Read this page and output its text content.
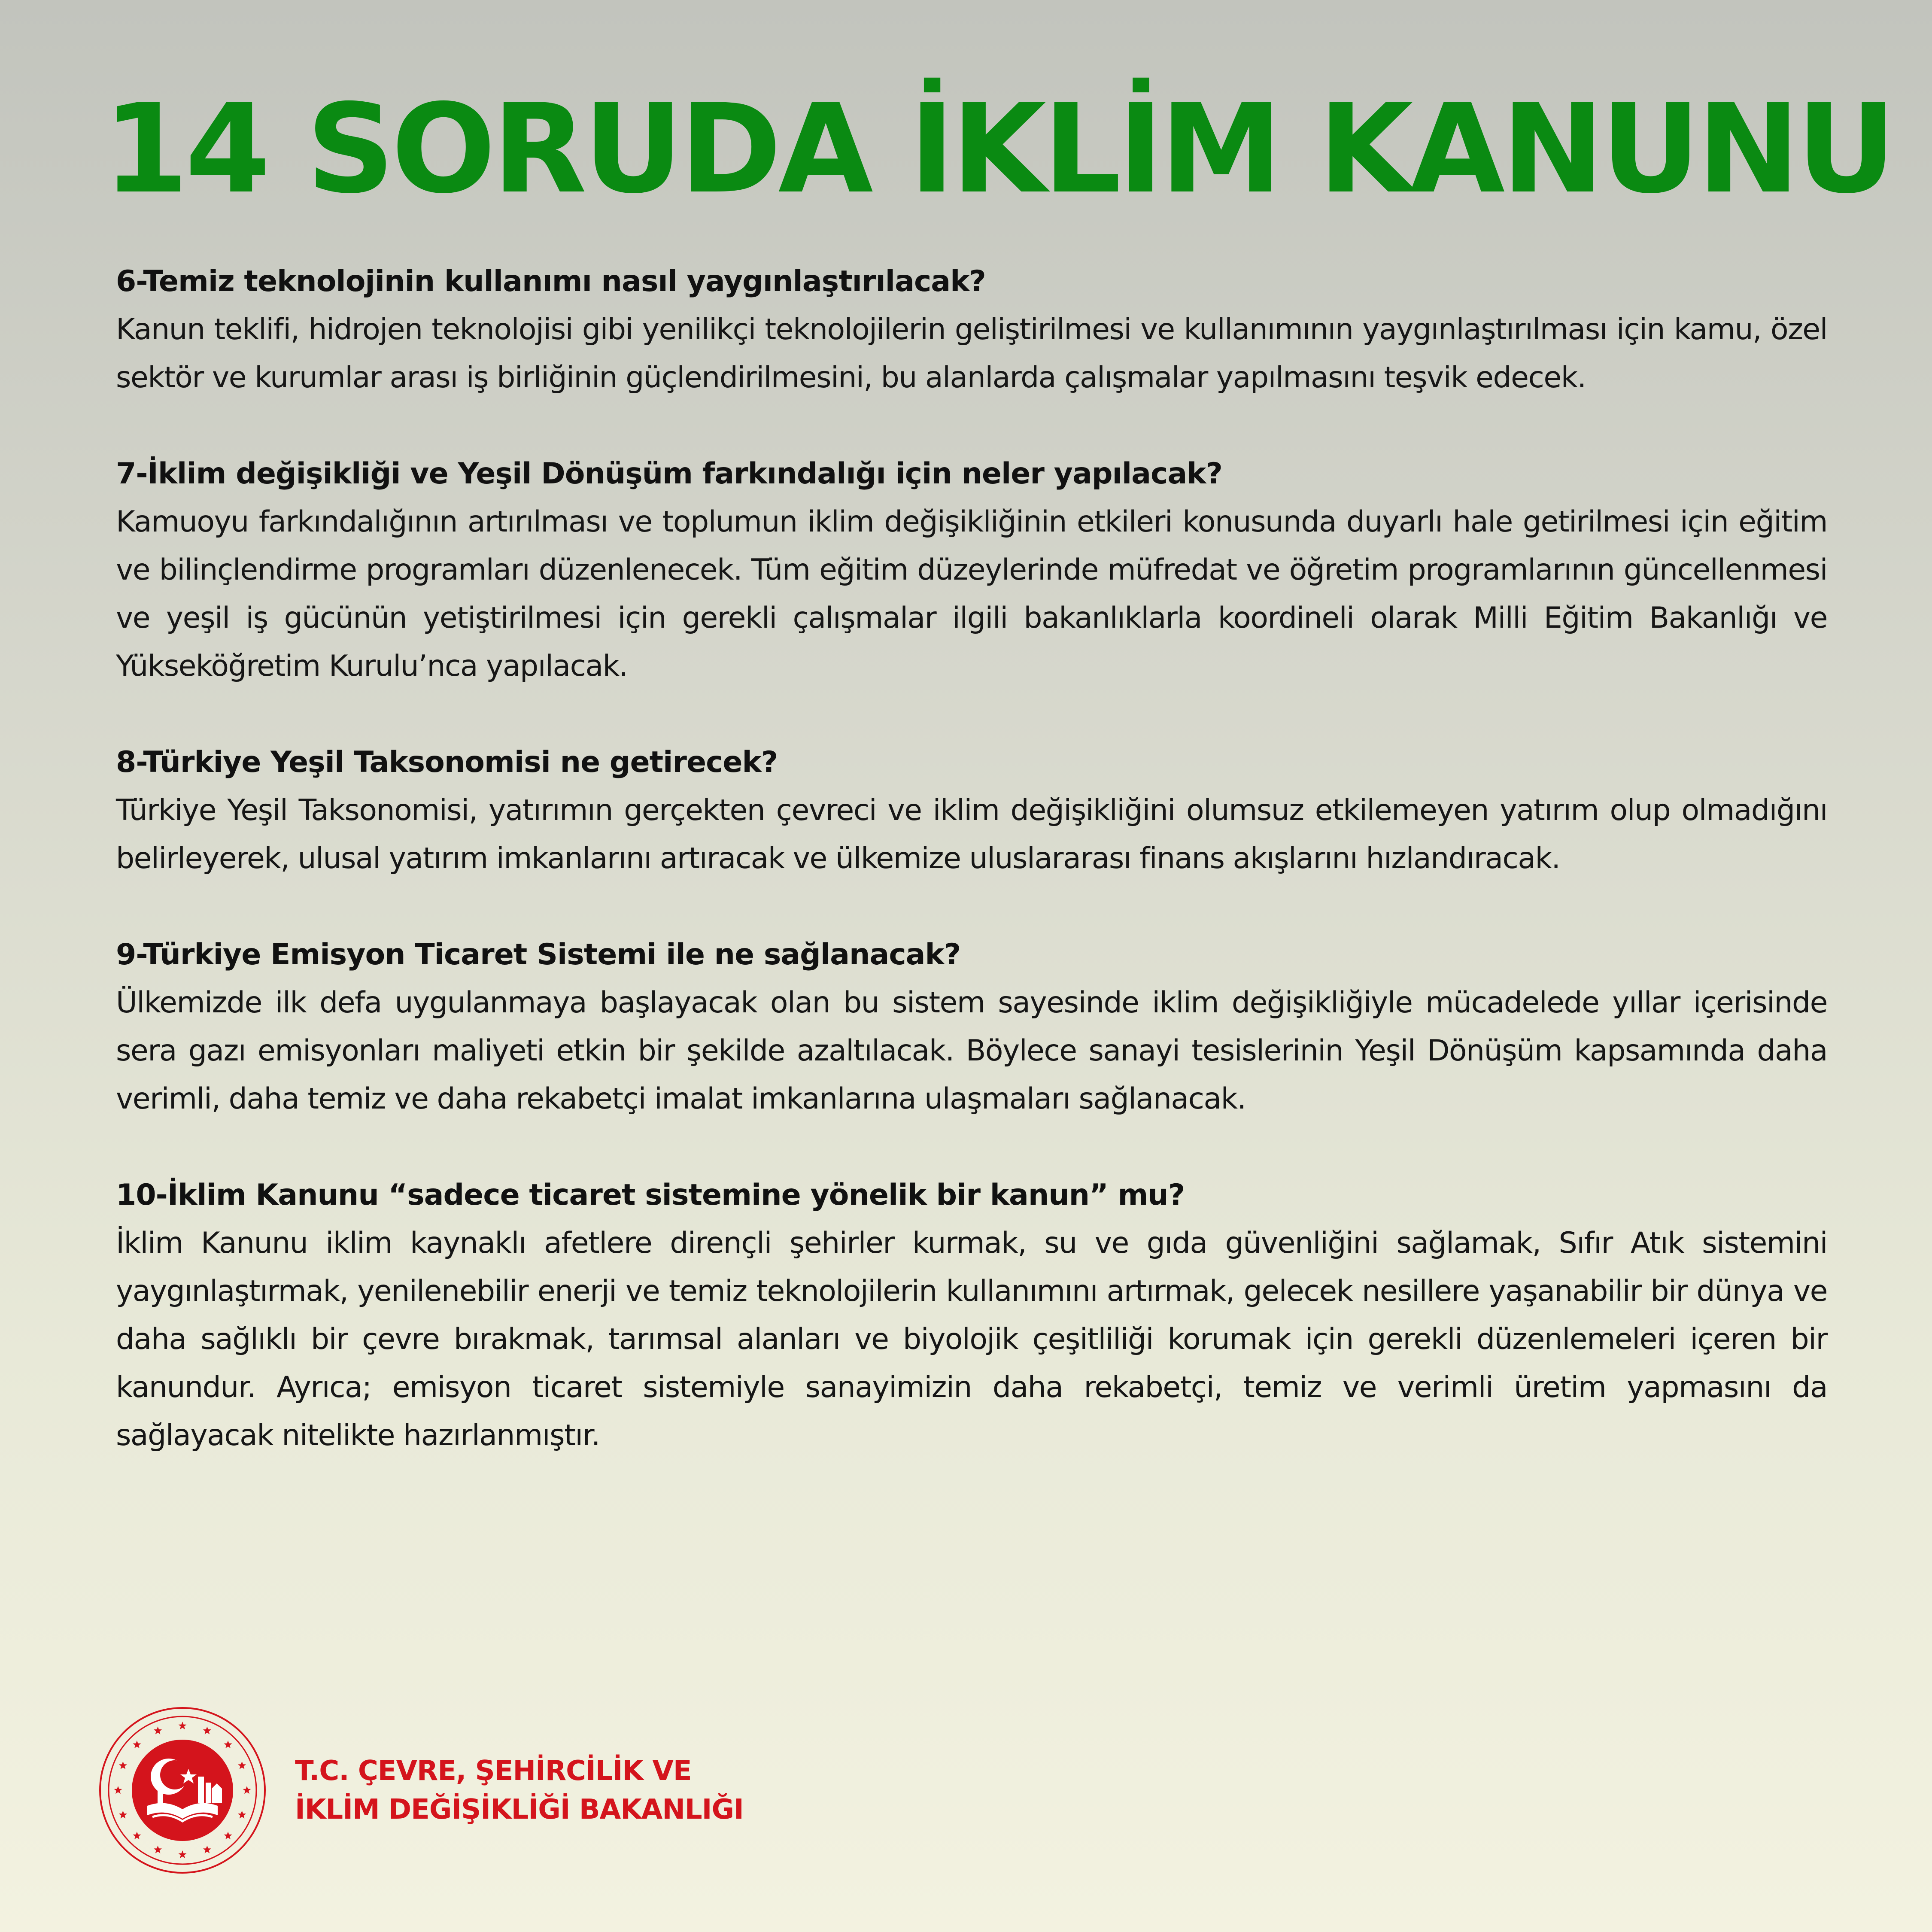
14 SORUDA İKLİM KANUNU

6-Temiz teknolojinin kullanımı nasıl yaygınlaştırılacak?

Kanun teklifi, hidrojen teknolojisi gibi yenilikçi teknolojilerin geliştirilmesi ve kullanımının yaygınlaştırılması için kamu, özel sektör ve kurumlar arası iş birliğinin güçlendirilmesini, bu alanlarda çalışmalar yapılmasını teşvik edecek.

7-İklim değişikliği ve Yeşil Dönüşüm farkındalığı için neler yapılacak?

Kamuoyu farkındalığının artırılması ve toplumun iklim değişikliğinin etkileri konusunda duyarlı hale getirilmesi için eğitim ve bilinçlendirme programları düzenlenecek. Tüm eğitim düzeylerinde müfredat ve öğretim programlarının güncellenmesi ve yeşil iş gücünün yetiştirilmesi için gerekli çalışmalar ilgili bakanlıklarla koordineli olarak Milli Eğitim Bakanlığı ve Yükseköğretim Kurulu’nca yapılacak.

8-Türkiye Yeşil Taksonomisi ne getirecek?

Türkiye Yeşil Taksonomisi, yatırımın gerçekten çevreci ve iklim değişikliğini olumsuz etkilemeyen yatırım olup olmadığını belirleyerek, ulusal yatırım imkanlarını artıracak ve ülkemize uluslararası finans akışlarını hızlandıracak.

9-Türkiye Emisyon Ticaret Sistemi ile ne sağlanacak?

Ülkemizde ilk defa uygulanmaya başlayacak olan bu sistem sayesinde iklim değişikliğiyle mücadelede yıllar içerisinde sera gazı emisyonları maliyeti etkin bir şekilde azaltılacak. Böylece sanayi tesislerinin Yeşil Dönüşüm kapsamında daha verimli, daha temiz ve daha rekabetçi imalat imkanlarına ulaşmaları sağlanacak.

10-İklim Kanunu “sadece ticaret sistemine yönelik bir kanun” mu?

İklim Kanunu iklim kaynaklı afetlere dirençli şehirler kurmak, su ve gıda güvenliğini sağlamak, Sıfır Atık sistemini yaygınlaştırmak, yenilenebilir enerji ve temiz teknolojilerin kullanımını artırmak, gelecek nesillere yaşanabilir bir dünya ve daha sağlıklı bir çevre bırakmak, tarımsal alanları ve biyolojik çeşitliliği korumak için gerekli düzenlemeleri içeren bir kanundur. Ayrıca; emisyon ticaret sistemiyle sanayimizin daha rekabetçi, temiz ve verimli üretim yapmasını da sağlayacak nitelikte hazırlanmıştır.

T.C. ÇEVRE, ŞEHİRCİLİK VE
İKLİM DEĞİŞİKLİĞİ BAKANLIĞI
